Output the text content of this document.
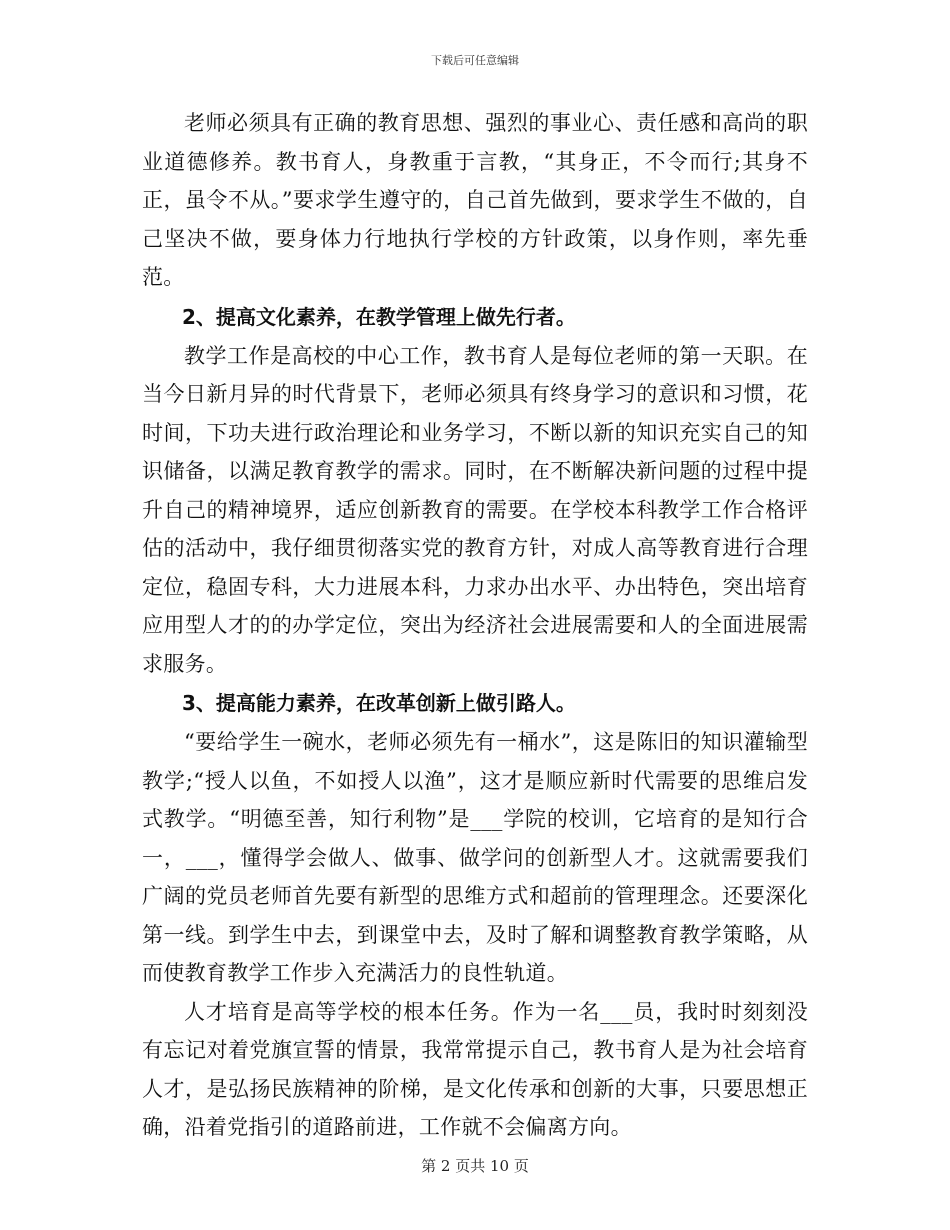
下载后可任意编辑

老师必须具有正确的教育思想、强烈的事业心、责任感和高尚的职业道德修养。教书育人，身教重于言教，“其身正，不令而行;其身不正，虽令不从。”要求学生遵守的，自己首先做到，要求学生不做的，自己坚决不做，要身体力行地执行学校的方针政策，以身作则，率先垂范。

2、提高文化素养，在教学管理上做先行者。

教学工作是高校的中心工作，教书育人是每位老师的第一天职。在当今日新月异的时代背景下，老师必须具有终身学习的意识和习惯，花时间，下功夫进行政治理论和业务学习，不断以新的知识充实自己的知识储备，以满足教育教学的需求。同时，在不断解决新问题的过程中提升自己的精神境界，适应创新教育的需要。在学校本科教学工作合格评估的活动中，我仔细贯彻落实党的教育方针，对成人高等教育进行合理定位，稳固专科，大力进展本科，力求办出水平、办出特色，突出培育应用型人才的的办学定位，突出为经济社会进展需要和人的全面进展需求服务。

3、提高能力素养，在改革创新上做引路人。

“要给学生一碗水，老师必须先有一桶水”，这是陈旧的知识灌输型教学;“授人以鱼，不如授人以渔”，这才是顺应新时代需要的思维启发式教学。“明德至善，知行利物”是___学院的校训，它培育的是知行合一，___，懂得学会做人、做事、做学问的创新型人才。这就需要我们广阔的党员老师首先要有新型的思维方式和超前的管理理念。还要深化第一线。到学生中去，到课堂中去，及时了解和调整教育教学策略，从而使教育教学工作步入充满活力的良性轨道。

人才培育是高等学校的根本任务。作为一名___员，我时时刻刻没有忘记对着党旗宣誓的情景，我常常提示自己，教书育人是为社会培育人才，是弘扬民族精神的阶梯，是文化传承和创新的大事，只要思想正确，沿着党指引的道路前进，工作就不会偏离方向。

第 2 页共 10 页
